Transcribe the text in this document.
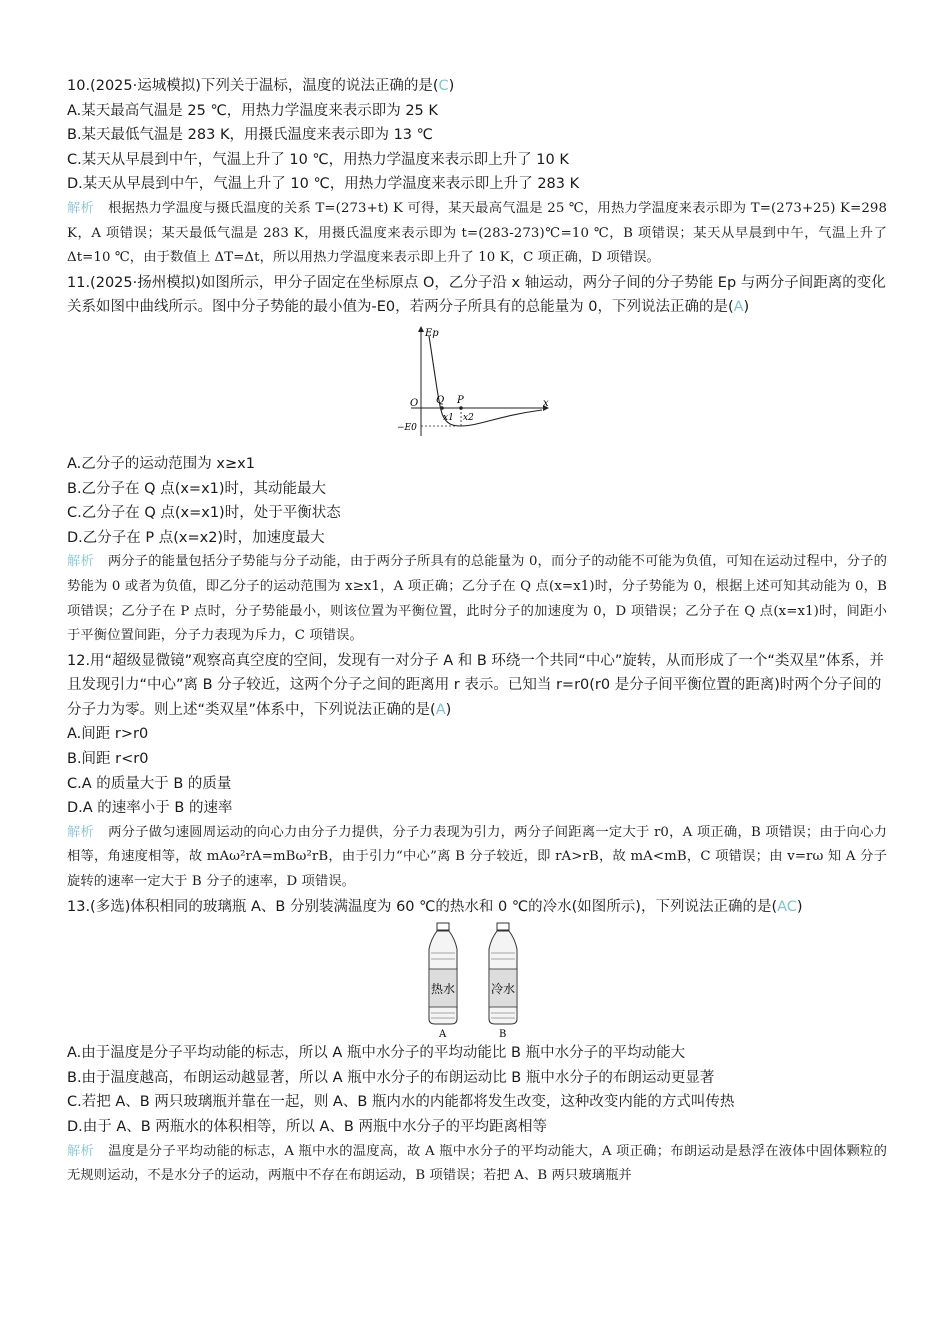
10.(2025·运城模拟)下列关于温标，温度的说法正确的是(C)
A.某天最高气温是 25 ℃，用热力学温度来表示即为 25 K
B.某天最低气温是 283 K，用摄氏温度来表示即为 13 ℃
C.某天从早晨到中午，气温上升了 10 ℃，用热力学温度来表示即上升了 10 K
D.某天从早晨到中午，气温上升了 10 ℃，用热力学温度来表示即上升了 283 K
解析 根据热力学温度与摄氏温度的关系 T=(273+t) K 可得，某天最高气温是 25 ℃，用热力学温度来表示即为 T=(273+25) K=298 K，A 项错误；某天最低气温是 283 K，用摄氏温度来表示即为 t=(283-273)℃=10 ℃，B 项错误；某天从早晨到中午，气温上升了 Δt=10 ℃，由于数值上 ΔT=Δt，所以用热力学温度来表示即上升了 10 K，C 项正确，D 项错误。
11.(2025·扬州模拟)如图所示，甲分子固定在坐标原点 O，乙分子沿 x 轴运动，两分子间的分子势能 Ep 与两分子间距离的变化关系如图中曲线所示。图中分子势能的最小值为-E0，若两分子所具有的总能量为 0，下列说法正确的是(A)
Ep
x
O Q P
x1 x2
−E0
A.乙分子的运动范围为 x≥x1
B.乙分子在 Q 点(x=x1)时，其动能最大
C.乙分子在 Q 点(x=x1)时，处于平衡状态
D.乙分子在 P 点(x=x2)时，加速度最大
解析 两分子的能量包括分子势能与分子动能，由于两分子所具有的总能量为 0，而分子的动能不可能为负值，可知在运动过程中，分子的势能为 0 或者为负值，即乙分子的运动范围为 x≥x1，A 项正确；乙分子在 Q 点(x=x1)时，分子势能为 0，根据上述可知其动能为 0，B 项错误；乙分子在 P 点时，分子势能最小，则该位置为平衡位置，此时分子的加速度为 0，D 项错误；乙分子在 Q 点(x=x1)时，间距小于平衡位置间距，分子力表现为斥力，C 项错误。
12.用“超级显微镜”观察高真空度的空间，发现有一对分子 A 和 B 环绕一个共同“中心”旋转，从而形成了一个“类双星”体系，并且发现引力“中心”离 B 分子较近，这两个分子之间的距离用 r 表示。已知当 r=r0(r0 是分子间平衡位置的距离)时两个分子间的分子力为零。则上述“类双星”体系中，下列说法正确的是(A)
A.间距 r>r0
B.间距 r<r0
C.A 的质量大于 B 的质量
D.A 的速率小于 B 的速率
解析 两分子做匀速圆周运动的向心力由分子力提供，分子力表现为引力，两分子间距离一定大于 r0，A 项正确，B 项错误；由于向心力相等，角速度相等，故 mAω²rA=mBω²rB，由于引力“中心”离 B 分子较近，即 rA>rB，故 mA<mB，C 项错误；由 v=rω 知 A 分子旋转的速率一定大于 B 分子的速率，D 项错误。
13.(多选)体积相同的玻璃瓶 A、B 分别装满温度为 60 ℃的热水和 0 ℃的冷水(如图所示)，下列说法正确的是(AC)
热水	冷水
A	B
A.由于温度是分子平均动能的标志，所以 A 瓶中水分子的平均动能比 B 瓶中水分子的平均动能大
B.由于温度越高，布朗运动越显著，所以 A 瓶中水分子的布朗运动比 B 瓶中水分子的布朗运动更显著
C.若把 A、B 两只玻璃瓶并靠在一起，则 A、B 瓶内水的内能都将发生改变，这种改变内能的方式叫传热
D.由于 A、B 两瓶水的体积相等，所以 A、B 两瓶中水分子的平均距离相等
解析 温度是分子平均动能的标志，A 瓶中水的温度高，故 A 瓶中水分子的平均动能大，A 项正确；布朗运动是悬浮在液体中固体颗粒的无规则运动，不是水分子的运动，两瓶中不存在布朗运动，B 项错误；若把 A、B 两只玻璃瓶并
